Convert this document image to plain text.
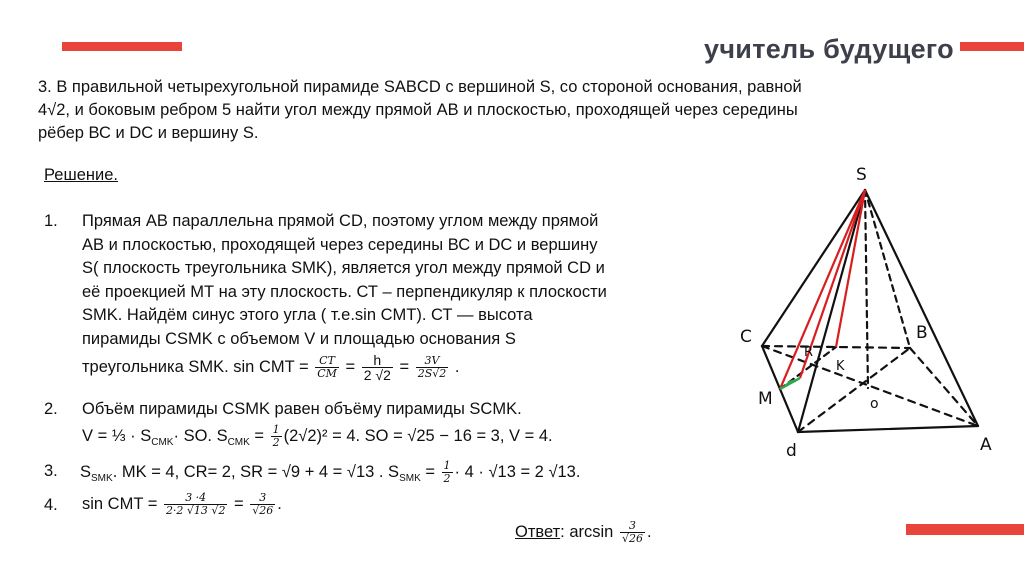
учитель будущего
3. В правильной четырехугольной пирамиде SABCD с вершиной S, со стороной основания, равной
4√2, и боковым ребром 5 найти угол между прямой АВ и плоскостью, проходящей через середины
рёбер ВС и DC и вершину S.
Решение.
1. Прямая АВ параллельна прямой CD, поэтому углом между прямой
АВ и плоскостью, проходящей через середины ВС и DC и вершину
S( плоскость треугольника SMK), является угол между прямой CD и
её проекцией МТ на эту плоскость. СТ – перпендикуляр к плоскости
SMK. Найдём синус этого угла ( т.е.sin CMT). СТ — высота
пирамиды CSMK с объемом V и площадью основания S
треугольника SMK. sin CMT = $\frac{CT}{CM} = \frac{h}{2 √2} = \frac{3V}{2S√2}$ .
2. Объём пирамиды CSMK равен объёму пирамиды SCMK.
V = ⅓ · $S_{CMK}\cdot$ SO. $S_{CMK} = \frac{1}{2} (2√2)^2 = 4$. SO = √25 − 16 = 3, V = 4.
3. $S_{SMK}$. MK = 4, CR= 2, SR = √9 + 4 = √13 . $S_{SMK} = \frac{1}{2} \cdot 4 \cdot √13 = 2$ √13.
4. sin CMT = $\frac{3 \cdot 4}{2\cdot 2 √13 √2} = \frac{3}{√26}$ .
Ответ: $\arcsin \frac{3}{√26}$ .
S
C	B
A
d
M
R
K
o
